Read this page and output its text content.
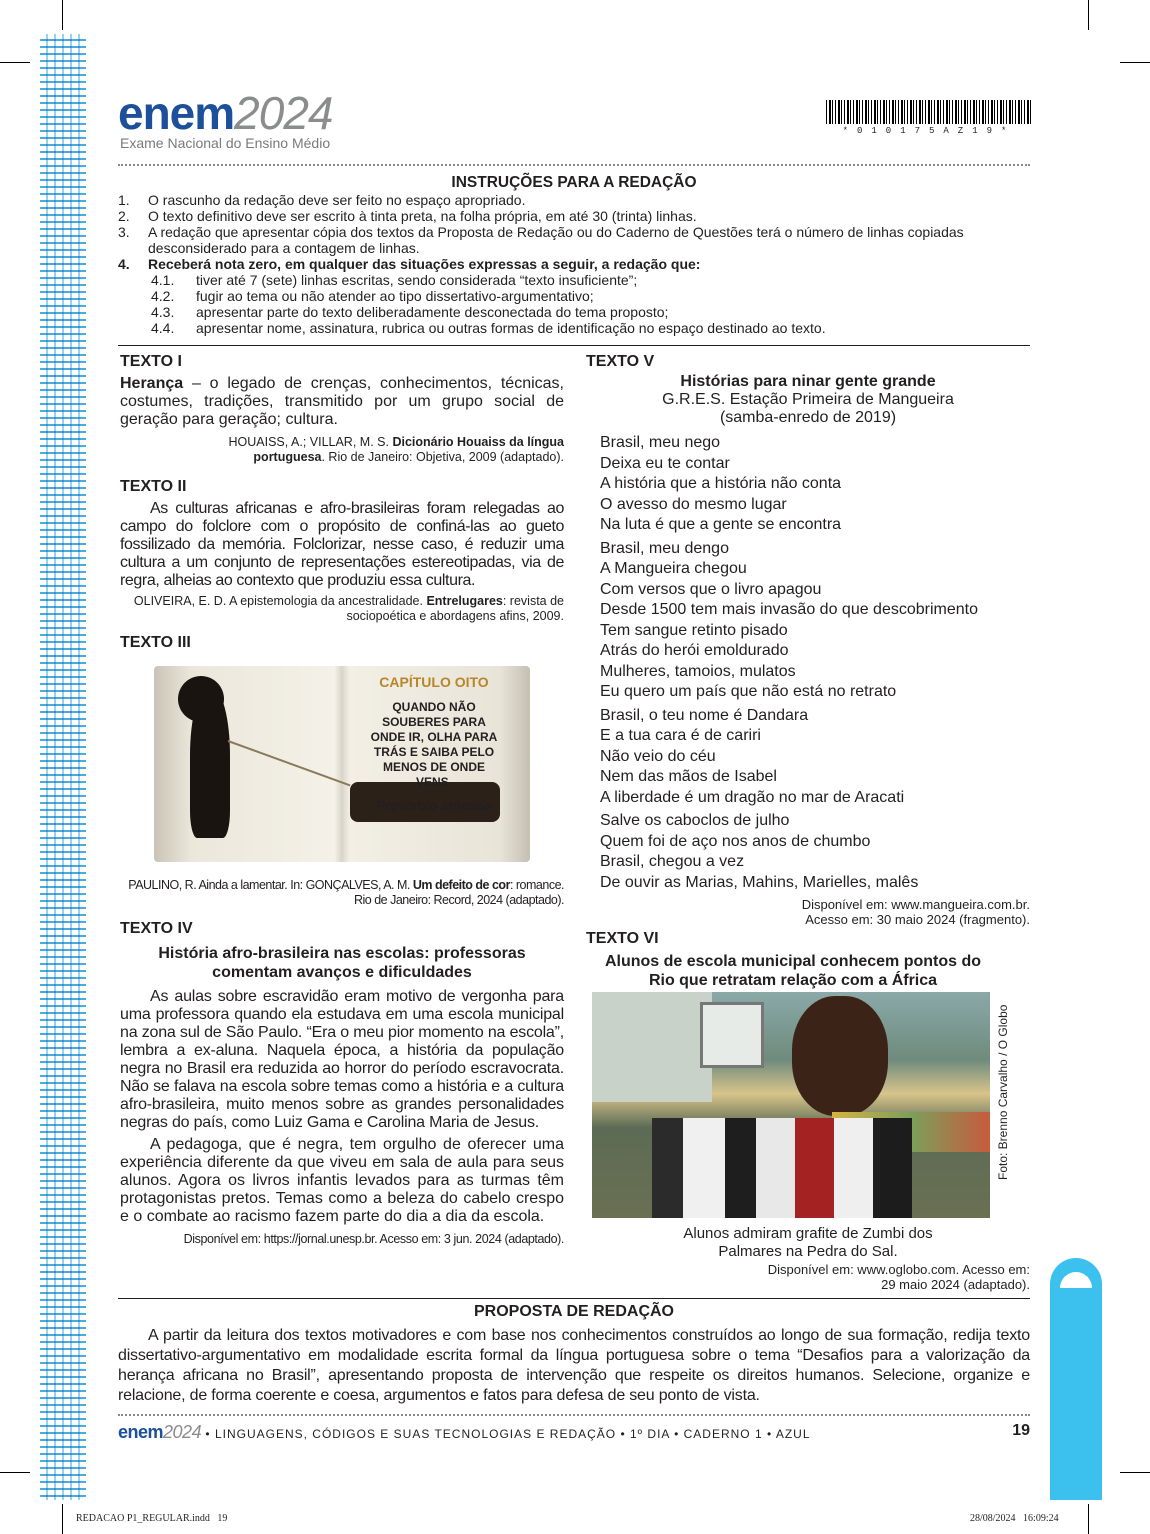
enem2024
Exame Nacional do Ensino Médio
*010175AZ19*
INSTRUÇÕES PARA A REDAÇÃO
1.	O rascunho da redação deve ser feito no espaço apropriado.
2.	O texto definitivo deve ser escrito à tinta preta, na folha própria, em até 30 (trinta) linhas.
3.	A redação que apresentar cópia dos textos da Proposta de Redação ou do Caderno de Questões terá o número de linhas copiadas desconsiderado para a contagem de linhas.
4.	Receberá nota zero, em qualquer das situações expressas a seguir, a redação que:
4.1.	tiver até 7 (sete) linhas escritas, sendo considerada “texto insuficiente”;
4.2.	fugir ao tema ou não atender ao tipo dissertativo-argumentativo;
4.3.	apresentar parte do texto deliberadamente desconectada do tema proposto;
4.4.	apresentar nome, assinatura, rubrica ou outras formas de identificação no espaço destinado ao texto.
TEXTO I
Herança – o legado de crenças, conhecimentos, técnicas, costumes, tradições, transmitido por um grupo social de geração para geração; cultura.
HOUAISS, A.; VILLAR, M. S. Dicionário Houaiss da língua portuguesa. Rio de Janeiro: Objetiva, 2009 (adaptado).
TEXTO II
As culturas africanas e afro-brasileiras foram relegadas ao campo do folclore com o propósito de confiná-las ao gueto fossilizado da memória. Folclorizar, nesse caso, é reduzir uma cultura a um conjunto de representações estereotipadas, via de regra, alheias ao contexto que produziu essa cultura.
OLIVEIRA, E. D. A epistemologia da ancestralidade. Entrelugares: revista de sociopoética e abordagens afins, 2009.
TEXTO III
CAPÍTULO OITO
QUANDO NÃO SOUBERES PARA ONDE IR, OLHA PARA TRÁS E SAIBA PELO MENOS DE ONDE VENS.
Provérbio africano
PAULINO, R. Ainda a lamentar. In: GONÇALVES, A. M. Um defeito de cor: romance. Rio de Janeiro: Record, 2024 (adaptado).
TEXTO IV
História afro-brasileira nas escolas: professoras comentam avanços e dificuldades
As aulas sobre escravidão eram motivo de vergonha para uma professora quando ela estudava em uma escola municipal na zona sul de São Paulo. “Era o meu pior momento na escola”, lembra a ex-aluna. Naquela época, a história da população negra no Brasil era reduzida ao horror do período escravocrata. Não se falava na escola sobre temas como a história e a cultura afro-brasileira, muito menos sobre as grandes personalidades negras do país, como Luiz Gama e Carolina Maria de Jesus.
A pedagoga, que é negra, tem orgulho de oferecer uma experiência diferente da que viveu em sala de aula para seus alunos. Agora os livros infantis levados para as turmas têm protagonistas pretos. Temas como a beleza do cabelo crespo e o combate ao racismo fazem parte do dia a dia da escola.
Disponível em: https://jornal.unesp.br. Acesso em: 3 jun. 2024 (adaptado).
TEXTO V
Histórias para ninar gente grande
G.R.E.S. Estação Primeira de Mangueira
(samba-enredo de 2019)
Brasil, meu nego
Deixa eu te contar
A história que a história não conta
O avesso do mesmo lugar
Na luta é que a gente se encontra
Brasil, meu dengo
A Mangueira chegou
Com versos que o livro apagou
Desde 1500 tem mais invasão do que descobrimento
Tem sangue retinto pisado
Atrás do herói emoldurado
Mulheres, tamoios, mulatos
Eu quero um país que não está no retrato
Brasil, o teu nome é Dandara
E a tua cara é de cariri
Não veio do céu
Nem das mãos de Isabel
A liberdade é um dragão no mar de Aracati
Salve os caboclos de julho
Quem foi de aço nos anos de chumbo
Brasil, chegou a vez
De ouvir as Marias, Mahins, Marielles, malês
Disponível em: www.mangueira.com.br.
Acesso em: 30 maio 2024 (fragmento).
TEXTO VI
Alunos de escola municipal conhecem pontos do Rio que retratam relação com a África
Foto: Brenno Carvalho / O Globo
Alunos admiram grafite de Zumbi dos
Palmares na Pedra do Sal.
Disponível em: www.oglobo.com. Acesso em:
29 maio 2024 (adaptado).
PROPOSTA DE REDAÇÃO
A partir da leitura dos textos motivadores e com base nos conhecimentos construídos ao longo de sua formação, redija texto dissertativo-argumentativo em modalidade escrita formal da língua portuguesa sobre o tema “Desafios para a valorização da herança africana no Brasil”, apresentando proposta de intervenção que respeite os direitos humanos. Selecione, organize e relacione, de forma coerente e coesa, argumentos e fatos para defesa de seu ponto de vista.
enem2024 • LINGUAGENS, CÓDIGOS E SUAS TECNOLOGIAS E REDAÇÃO • 1º DIA • CADERNO 1 • AZUL	19
REDACAO P1_REGULAR.indd   19	28/08/2024   16:09:24
